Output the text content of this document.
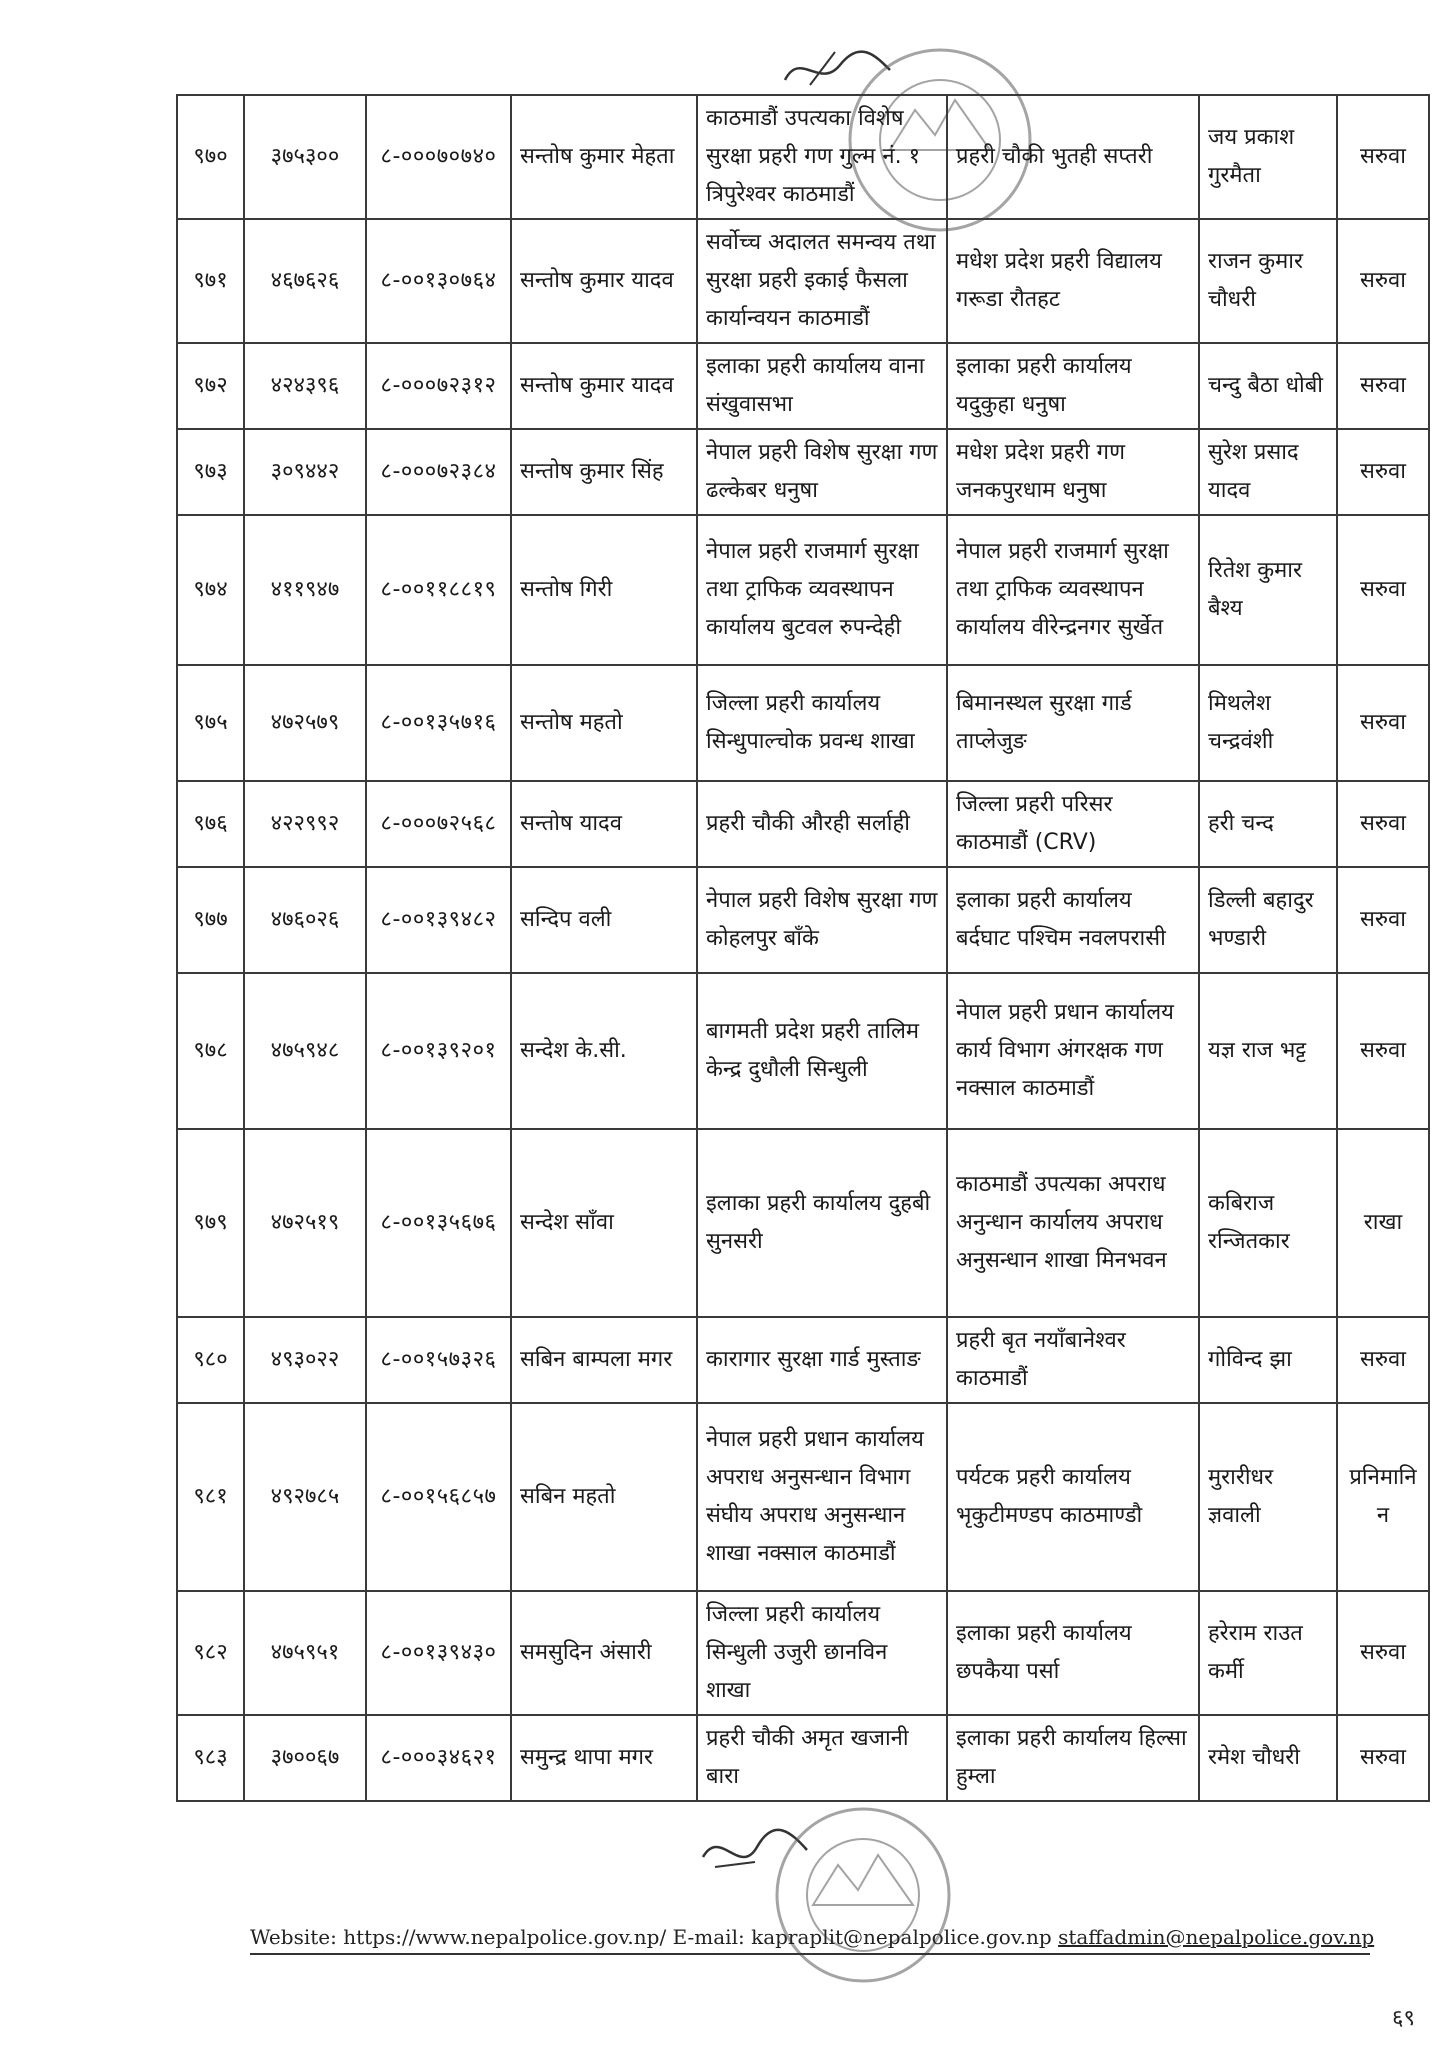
९७०	३७५३००	८-०००७०७४०	सन्तोष कुमार मेहता	काठमाडौं उपत्यका विशेष सुरक्षा प्रहरी गण गुल्म नं. १ त्रिपुरेश्वर काठमाडौं	प्रहरी चौकी भुतही सप्तरी	जय प्रकाश गुरमैता	सरुवा
९७१	४६७६२६	८-००१३०७६४	सन्तोष कुमार यादव	सर्वोच्च अदालत समन्वय तथा सुरक्षा प्रहरी इकाई फैसला कार्यान्वयन काठमाडौं	मधेश प्रदेश प्रहरी विद्यालय गरूडा रौतहट	राजन कुमार चौधरी	सरुवा
९७२	४२४३९६	८-०००७२३१२	सन्तोष कुमार यादव	इलाका प्रहरी कार्यालय वाना संखुवासभा	इलाका प्रहरी कार्यालय यदुकुहा धनुषा	चन्दु बैठा धोबी	सरुवा
९७३	३०९४४२	८-०००७२३८४	सन्तोष कुमार सिंह	नेपाल प्रहरी विशेष सुरक्षा गण ढल्केबर धनुषा	मधेश प्रदेश प्रहरी गण जनकपुरधाम धनुषा	सुरेश प्रसाद यादव	सरुवा
९७४	४११९४७	८-००११८८१९	सन्तोष गिरी	नेपाल प्रहरी राजमार्ग सुरक्षा तथा ट्राफिक व्यवस्थापन कार्यालय बुटवल रुपन्देही	नेपाल प्रहरी राजमार्ग सुरक्षा तथा ट्राफिक व्यवस्थापन कार्यालय वीरेन्द्रनगर सुर्खेत	रितेश कुमार बैश्य	सरुवा
९७५	४७२५७९	८-००१३५७१६	सन्तोष महतो	जिल्ला प्रहरी कार्यालय सिन्धुपाल्चोक प्रवन्ध शाखा	बिमानस्थल सुरक्षा गार्ड ताप्लेजुङ	मिथलेश चन्द्रवंशी	सरुवा
९७६	४२२९९२	८-०००७२५६८	सन्तोष यादव	प्रहरी चौकी औरही सर्लाही	जिल्ला प्रहरी परिसर काठमाडौं (CRV)	हरी चन्द	सरुवा
९७७	४७६०२६	८-००१३९४८२	सन्दिप वली	नेपाल प्रहरी विशेष सुरक्षा गण कोहलपुर बाँके	इलाका प्रहरी कार्यालय बर्दघाट पश्चिम नवलपरासी	डिल्ली बहादुर भण्डारी	सरुवा
९७८	४७५९४८	८-००१३९२०१	सन्देश के.सी.	बागमती प्रदेश प्रहरी तालिम केन्द्र दुधौली सिन्धुली	नेपाल प्रहरी प्रधान कार्यालय कार्य विभाग अंगरक्षक गण नक्साल काठमाडौं	यज्ञ राज भट्ट	सरुवा
९७९	४७२५१९	८-००१३५६७६	सन्देश साँवा	इलाका प्रहरी कार्यालय दुहबी सुनसरी	काठमाडौं उपत्यका अपराध अनुन्धान कार्यालय अपराध अनुसन्धान शाखा मिनभवन	कबिराज रन्जितकार	राखा
९८०	४९३०२२	८-००१५७३२६	सबिन बाम्पला मगर	कारागार सुरक्षा गार्ड मुस्ताङ	प्रहरी बृत नयाँबानेश्वर काठमाडौं	गोविन्द झा	सरुवा
९८१	४९२७८५	८-००१५६८५७	सबिन महतो	नेपाल प्रहरी प्रधान कार्यालय अपराध अनुसन्धान विभाग संघीय अपराध अनुसन्धान शाखा नक्साल काठमाडौं	पर्यटक प्रहरी कार्यालय भृकुटीमण्डप काठमाण्डौ	मुरारीधर ज्ञवाली	प्रनिमानिन
९८२	४७५९५१	८-००१३९४३०	समसुदिन अंसारी	जिल्ला प्रहरी कार्यालय सिन्धुली उजुरी छानविन शाखा	इलाका प्रहरी कार्यालय छपकैया पर्सा	हरेराम राउत कर्मी	सरुवा
९८३	३७००६७	८-०००३४६२१	समुन्द्र थापा मगर	प्रहरी चौकी अमृत खजानी बारा	इलाका प्रहरी कार्यालय हिल्सा हुम्ला	रमेश चौधरी	सरुवा
Website: https://www.nepalpolice.gov.np/ E-mail: kapraplit@nepalpolice.gov.np staffadmin@nepalpolice.gov.np
६९
